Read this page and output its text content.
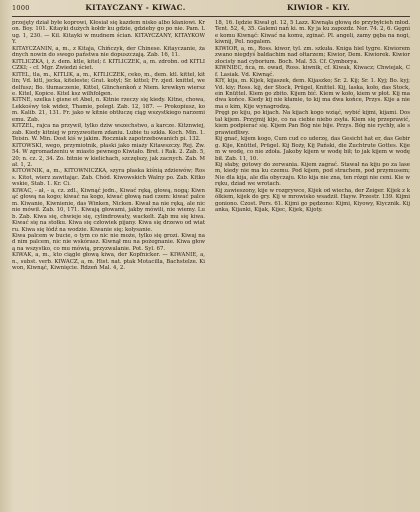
1000	KITAYCZANY - KIWAC.	KIWIOR - KIY.

przejęty dział byłe koprowi, Kłosiał się kazdem nisko albo kłaniowi. Kron. Boy. 101. Kitayki dużych kołdr ku gdzie, gdzieby go po nie. Pam. Lug. 1, 230. — Kil. Kitayki w mudnem ścian. KITAYCZANY, KITAYKOWY.

KITAYCZANIN, a, m., z Kitaja, Chińczyk, der Chinese. Kitayczanie, żadnych nowin do swego państwa nie dopuszczają. Zab. 16, 11.

KITLICZKA, i, ż. dem. ktle, kitel; f. KITLICZEK, a, m. zdrobn. od KITLICZKI; - cf. Mgr. Zwiedzi ściet.

KITEL, tla, m., KITLIK, a, m., KITLICZEK, ceko, m., dem. ktl. kittel, kitlin; Vd. kitl, jecka, kiteleste; Grat. kotyl; Sr. kittel; Fr. zjed. knittel, wedelfusz; Bo. tłumaczenie, Kittel, Glinchenkoń z Niem. krewkyn wiersze. Kitel, Kopice. Kitel ksz wilhfolgen.

KITNE, szelka i gisne et Abel, n. Kitnie rzeczy się kiedy. Kitne, chowa, Lekkośwy tok wideż, Thamie, poległ. Zab. 12, 187. — Prokopiusz, kom. Kalib. 21, 131. Fr. jako w kitnie obtłuczę ciąg wszystkiego narzemiemu. Zab.

KITZEL, rajca na przywił, tylko dziw wszechstwo, a karcze. Kitznwiej, zab. Kiedy kitniej w przyzwoitem zdaniu. Lubie tu szkła. Koch. Min. 1. Teisin. W. Min. Dost kiś w jakim. Roczniak zapotrzebowanich pi. 132.

KITOWSKI, wego, przymiotnik, płaski jako miaży Kitawszczy. Rej. Zw. 54. W zgromadzeniu w miasto pewnego Kiwiało. Bret. i Rak. 2. Zab. 5, 20; n. cz. 2, 34. Zo. bitnie w kielichach, szczęłszy, jak zacnych. Zab. Mał. 1, 2.

KITOWNIK, a, m., KITOWNICZKA, szyra płaska kiśnią zdziewów; Ross. Kitot, wierz zawitając. Zab. Chód. Kiwowskich Walny po. Zab. Kitkowskie, Stab. 1. Kr. Ci.

KIWAC, - ał, - a, cz. zdl., Kiwnąć jedn., Kiwać ręką, głową, nogą; Kiwnąć głową na kogo; kiwać na kogo, kiwać głową nad czem: kiwać palcem. Kiwanie, Kiwnienie, das Winken, Nicken. Kiwał na nie ręką, ale nic nie mówił. Zab. 10, 171. Kiwają głowami, jakby mówili, nie wiemy. Lub. Zab. Kiwa się, chwieje się, cylindrowaty, wackelt. Ząb mu się kiwa. Kiwać się na stołku. Kiwa się człowiek pijany. Kiwa się drzewo od wiatru. Kiwa się łódź na wodzie. Kiwanie się; kołysanie.

Kiwa palcem w bucie, o tym co nic nie może, tylko się grozi. Kiwaj nad nim palcem, nic nie wskórasz. Kiwnął mu na pożegnanie. Kiwa głową na wszystko, co mu mówią, przyzwalanie. Pot. Syl. 67.

KIWAK, a, m., kto ciągle głową kiwa, der Kopfnicker. — KIWANIE, a, n., subst. verb. KIWACZ, a, m. Hist. nat. ptak Motacilla, Bachstelze. Kiwon, Kiwnąć, Kiwnięcie. Rdzeń Mal. 4, 2.

18, 16. Iędzie Kiwał gł. 12, 5 Lazz. Kiwnąła głową do przybyłcieh młod. Tent. 52, 4, 35. Galemi nań ki. m. Ky ja ku zapozdz. Nor. 74. 2, 6. Gęgnie komu Kiwnąć: Kiwać na komu, zginać. Pl. angeli, zamy gęba na nogi, kiwnij, Pel. nogalem.

KIWIOR, a, m., Ross. kiwor, tyl. zm. szkuła. Kniga hiel tygre. Kiwiorem zwano niegdyś baldachim nad ołtarzem; Kiwior, Dem. Kiwiorek. Kiwior złocisty nad cyborium. Boch. Mal. 53. Cf. Cymborya.

KIWNIEC, ńca, m. owad, Ross. kiwnik, cf. Kiwak, Kiwacz; Chwiejak, Cf. Lasiak. Vd. Kiwnąć.

KIY, kija, m. Kijek, kijaszek, dem. Kijaszko; Sr. 2. Kij; Sr. 1. Kyj; Bo. kyj; Vd. kiy; Ross. kij, der Stock, Prügel, Knittel. Kij, laska, koło, das Stock, ein Knüttel. Kiem go zbito. Kijem bić. Kiem w koło, kiem w płot. Kij ma dwa końce. Kiedy kij nie kłamie, to kij ma dwa końce, Przys. Kije a nie ma o kim, Kije wynagrodzą.

Pręgi po kiju, po kijach. Na kijach kogo wziąć, wybić kijmi, kijami. Dostał kijem. Przyjmij kije, co na ciebie niebo zsyła. Kiem się przeprawić, kiem podpierać się. Kijem Pan Bóg nie bije. Przys. Bóg nie rychły, ale sprawiedliwy.

Kij gnać, kijem kogo, Cum cud co uderzę, das Gesicht hat er, das Gebirg. Kije, Knüttel, Prügel. Kij Boży, Kij Pański, die Zuchtrute Gottes. Kijem w wodę, co nie zdoła. Jakoby kijem w wodę bił; to jak kijem w wodę bił. Zab. 11, 10.

Kij słaby, gotowy do zerwania. Kijem zagrać. Stawał na kiju po za lasem, kiedy nie ma ku czemu. Pod kijem, pod strachem, pod przymusem; Nie dla kija, ale dla obyczaju. Kto kija nie zna, ten rózgi nie ceni. Kie w ręku, dziad we wrotach.

Kij zawieszony, kije w rozgrywce, Kijek od wiecha, der Zeiger. Kijek z kółkiem, kijek do gry. Kij w mrowisko wsadził. Hayw. Przestr. 139. Kijmi goniono. Czost. Pers. 61. Kijmi go pędzono: Kijmi, Kiyowy, Kiycznik. Kijanka, Kijanki, Kijak, Kijec, Kijek, Kijoty.
